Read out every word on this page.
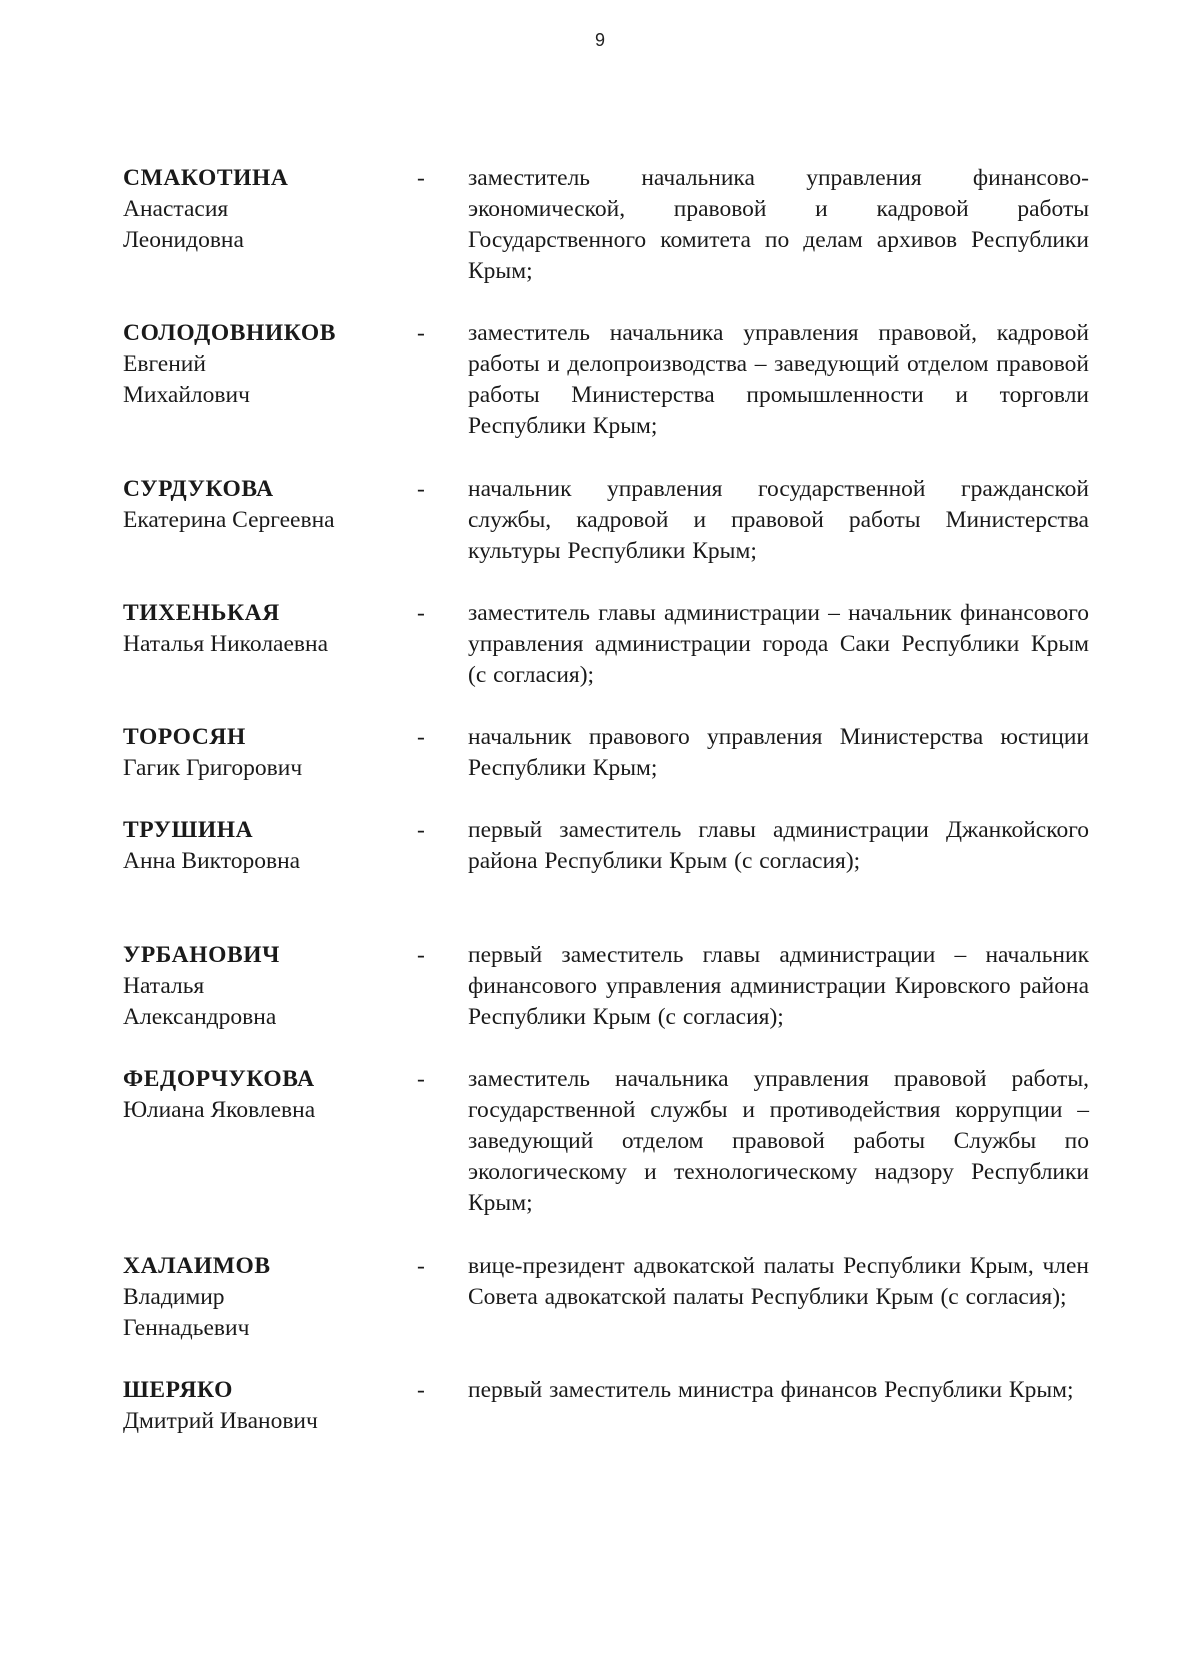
9
СМАКОТИНА
Анастасия
Леонидовна
- заместитель начальника управления финансово-экономической, правовой и кадровой работы Государственного комитета по делам архивов Республики Крым;
СОЛОДОВНИКОВ
Евгений
Михайлович
- заместитель начальника управления правовой, кадровой работы и делопроизводства – заведующий отделом правовой работы Министерства промышленности и торговли Республики Крым;
СУРДУКОВА
Екатерина Сергеевна
- начальник управления государственной гражданской службы, кадровой и правовой работы Министерства культуры Республики Крым;
ТИХЕНЬКАЯ
Наталья Николаевна
- заместитель главы администрации – начальник финансового управления администрации города Саки Республики Крым (с согласия);
ТОРОСЯН
Гагик Григорович
- начальник правового управления Министерства юстиции Республики Крым;
ТРУШИНА
Анна Викторовна
- первый заместитель главы администрации Джанкойского района Республики Крым (с согласия);
УРБАНОВИЧ
Наталья
Александровна
- первый заместитель главы администрации – начальник финансового управления администрации Кировского района Республики Крым (с согласия);
ФЕДОРЧУКОВА
Юлиана Яковлевна
- заместитель начальника управления правовой работы, государственной службы и противодействия коррупции – заведующий отделом правовой работы Службы по экологическому и технологическому надзору Республики Крым;
ХАЛАИМОВ
Владимир
Геннадьевич
- вице-президент адвокатской палаты Республики Крым, член Совета адвокатской палаты Республики Крым (с согласия);
ШЕРЯКО
Дмитрий Иванович
- первый заместитель министра финансов Республики Крым;
